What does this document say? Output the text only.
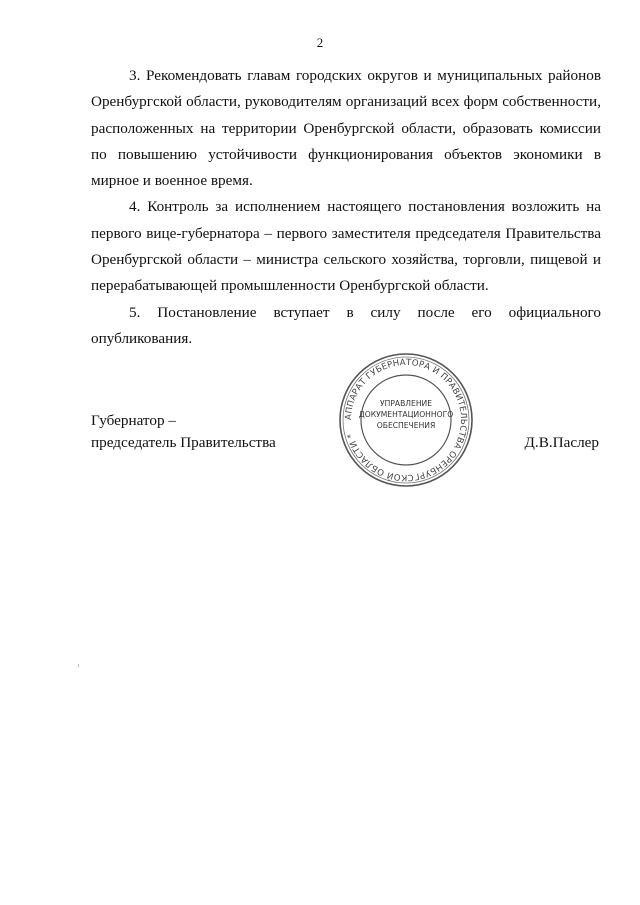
2

3. Рекомендовать главам городских округов и муниципальных районов Оренбургской области, руководителям организаций всех форм собственности, расположенных на территории Оренбургской области, образовать комиссии по повышению устойчивости функционирования объектов экономики в мирное и военное время.

4. Контроль за исполнением настоящего постановления возложить на первого вице-губернатора – первого заместителя председателя Правительства Оренбургской области – министра сельского хозяйства, торговли, пищевой и перерабатывающей промышленности Оренбургской области.

5. Постановление вступает в силу после его официального опубликования.

Губернатор –
председатель Правительства	Д.В.Паслер
АППАРАТ ГУБЕРНАТОРА И ПРАВИТЕЛЬСТВА ОРЕНБУРГСКОЙ ОБЛАСТИ *
УПРАВЛЕНИЕ
ДОКУМЕНТАЦИОННОГО
ОБЕСПЕЧЕНИЯ
